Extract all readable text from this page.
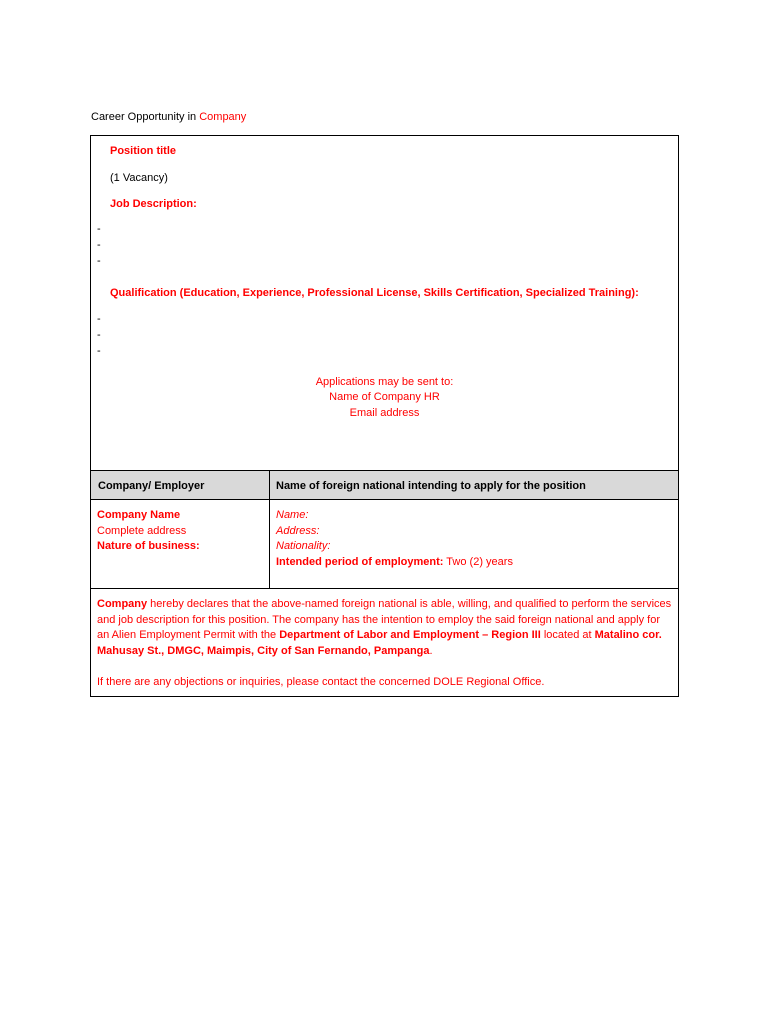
Career Opportunity in Company
Position title
(1 Vacancy)
Job Description:
-
-
-
Qualification (Education, Experience, Professional License, Skills Certification, Specialized Training):
-
-
-
Applications may be sent to:
Name of Company HR
Email address
Company/ Employer	Name of foreign national intending to apply for the position
Company Name
Complete address
Nature of business:
Name:
Address:
Nationality:
Intended period of employment: Two (2) years
Company hereby declares that the above-named foreign national is able, willing, and qualified to perform the services and job description for this position. The company has the intention to employ the said foreign national and apply for an Alien Employment Permit with the Department of Labor and Employment – Region III located at Matalino cor. Mahusay St., DMGC, Maimpis, City of San Fernando, Pampanga.
If there are any objections or inquiries, please contact the concerned DOLE Regional Office.
